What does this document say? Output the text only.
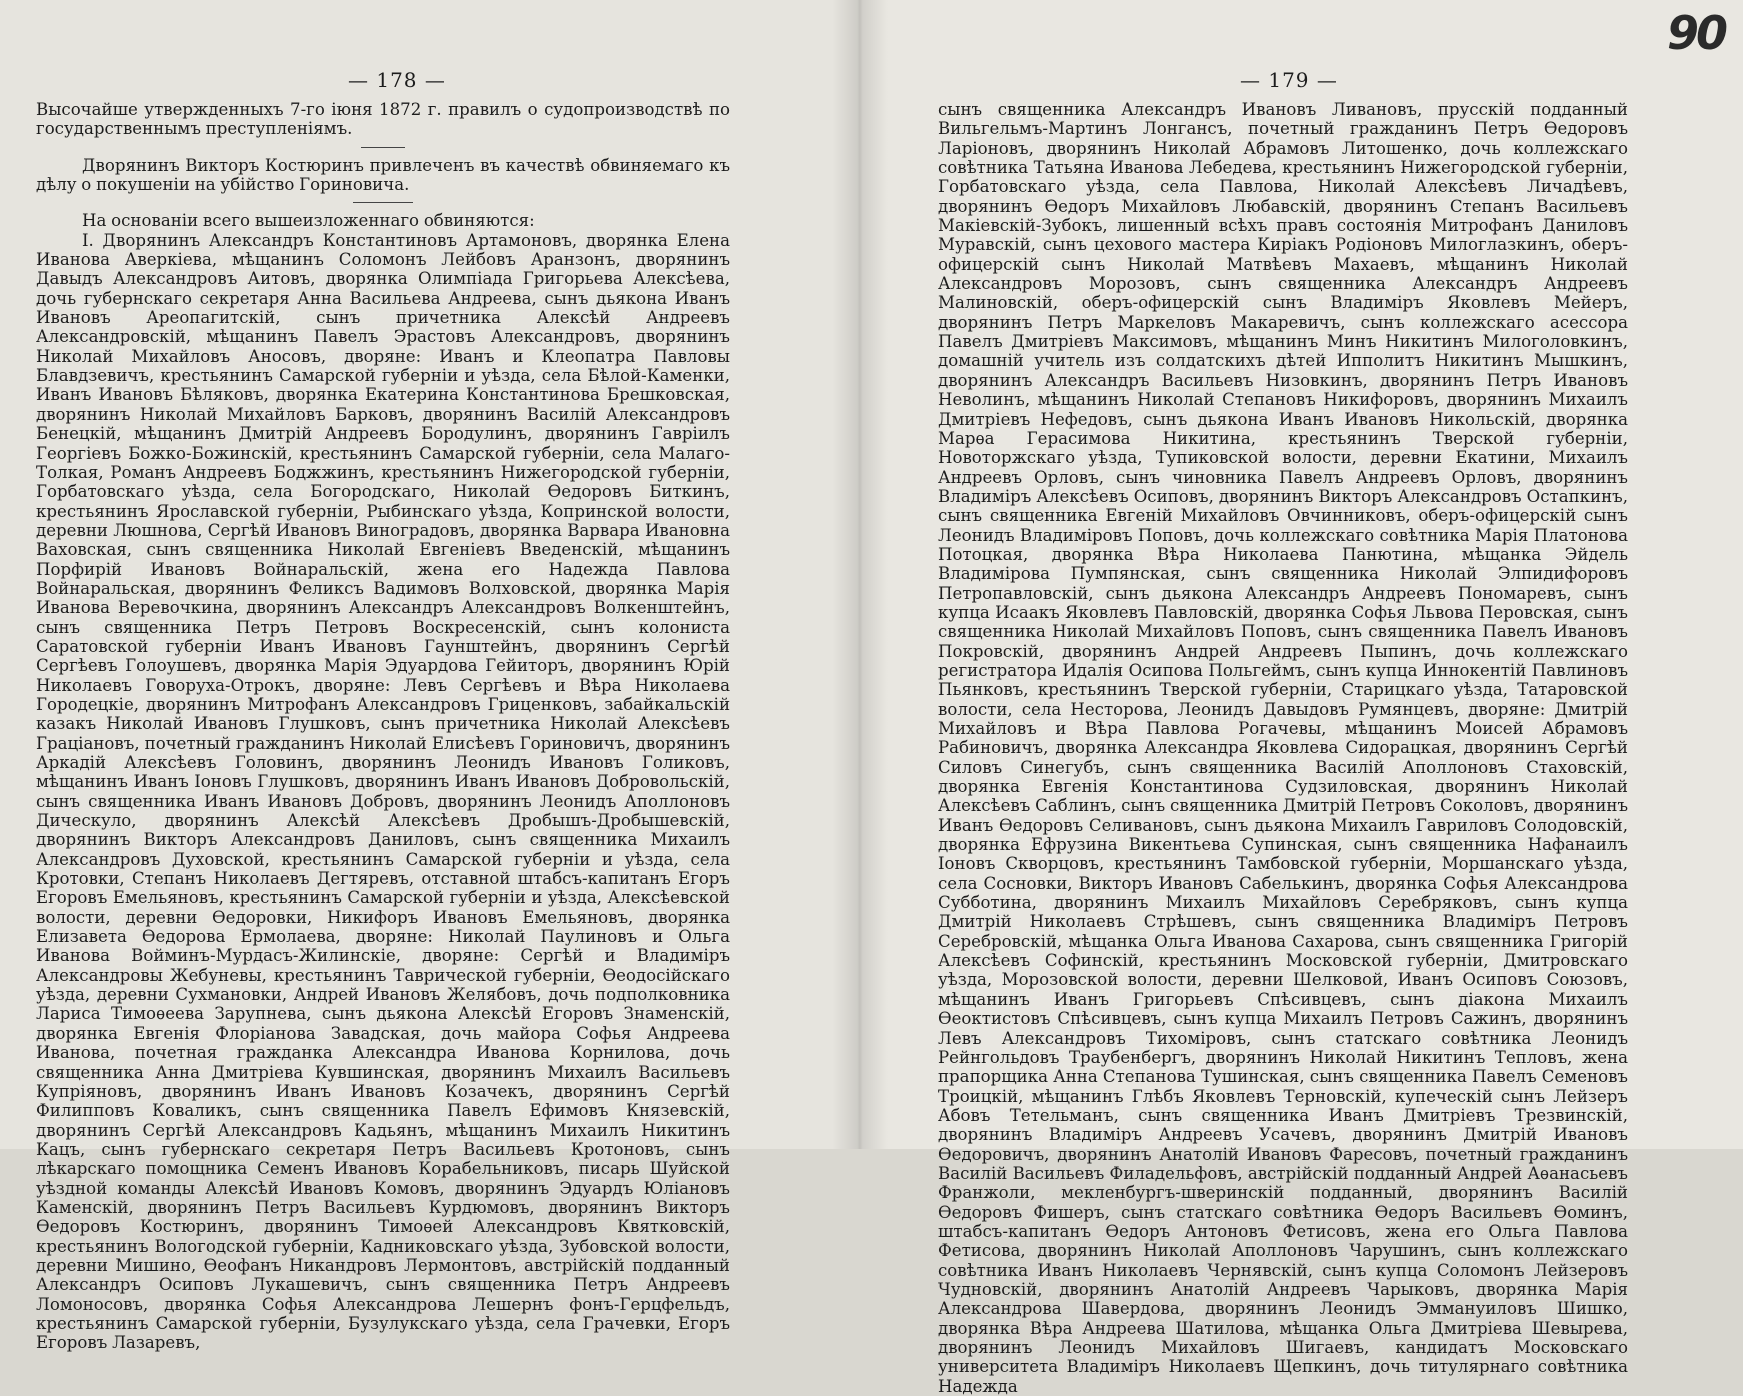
— 178 —

Высочайше утвержденныхъ 7-го іюня 1872 г. правилъ о судопроизводствѣ по государственнымъ преступленіямъ.

Дворянинъ Викторъ Костюринъ привлеченъ въ качествѣ обвиняемаго къ дѣлу о покушеніи на убійство Гориновича.

На основаніи всего вышеизложеннаго обвиняются:

I. Дворянинъ Александръ Константиновъ Артамоновъ, дворянка Елена Иванова Аверкіева, мѣщанинъ Соломонъ Лейбовъ Аранзонъ, дворянинъ Давыдъ Александровъ Аитовъ, дворянка Олимпіада Григорьева Алексѣева, дочь губернскаго секретаря Анна Васильева Андреева, сынъ дьякона Иванъ Ивановъ Ареопагитскій, сынъ причетника Алексѣй Андреевъ Александровскій, мѣщанинъ Павелъ Эрастовъ Александровъ, дворянинъ Николай Михайловъ Аносовъ, дворяне: Иванъ и Клеопатра Павловы Блавдзевичъ, крестьянинъ Самарской губерніи и уѣзда, села Бѣлой-Каменки, Иванъ Ивановъ Бѣляковъ, дворянка Екатерина Константинова Брешковская, дворянинъ Николай Михайловъ Барковъ, дворянинъ Василій Александровъ Бенецкій, мѣщанинъ Дмитрій Андреевъ Бородулинъ, дворянинъ Гавріилъ Георгіевъ Божко-Божинскій, крестьянинъ Самарской губерніи, села Малаго-Толкая, Романъ Андреевъ Боджжинъ, крестьянинъ Нижегородской губерніи, Горбатовскаго уѣзда, села Богородскаго, Николай Ѳедоровъ Биткинъ, крестьянинъ Ярославской губерніи, Рыбинскаго уѣзда, Копринской волости, деревни Люшнова, Сергѣй Ивановъ Виноградовъ, дворянка Варвара Ивановна Ваховская, сынъ священника Николай Евгеніевъ Введенскій, мѣщанинъ Порфирій Ивановъ Войнаральскій, жена его Надежда Павлова Войнаральская, дворянинъ Феликсъ Вадимовъ Волховской, дворянка Марія Иванова Веревочкина, дворянинъ Александръ Александровъ Волкенштейнъ, сынъ священника Петръ Петровъ Воскресенскій, сынъ колониста Саратовской губерніи Иванъ Ивановъ Гаунштейнъ, дворянинъ Сергѣй Сергѣевъ Голоушевъ, дворянка Марія Эдуардова Гейиторъ, дворянинъ Юрій Николаевъ Говоруха-Отрокъ, дворяне: Левъ Сергѣевъ и Вѣра Николаева Городецкіе, дворянинъ Митрофанъ Александровъ Гриценковъ, забайкальскій казакъ Николай Ивановъ Глушковъ, сынъ причетника Николай Алексѣевъ Граціановъ, почетный гражданинъ Николай Елисѣевъ Гориновичъ, дворянинъ Аркадій Алексѣевъ Головинъ, дворянинъ Леонидъ Ивановъ Голиковъ, мѣщанинъ Иванъ Іоновъ Глушковъ, дворянинъ Иванъ Ивановъ Добровольскій, сынъ священника Иванъ Ивановъ Добровъ, дворянинъ Леонидъ Аполлоновъ Дическуло, дворянинъ Алексѣй Алексѣевъ Дробышъ-Дробышевскій, дворянинъ Викторъ Александровъ Даниловъ, сынъ священника Михаилъ Александровъ Духовской, крестьянинъ Самарской губерніи и уѣзда, села Кротовки, Степанъ Николаевъ Дегтяревъ, отставной штабсъ-капитанъ Егоръ Егоровъ Емельяновъ, крестьянинъ Самарской губерніи и уѣзда, Алексѣевской волости, деревни Ѳедоровки, Никифоръ Ивановъ Емельяновъ, дворянка Елизавета Ѳедорова Ермолаева, дворяне: Николай Паулиновъ и Ольга Иванова Войминъ-Мурдасъ-Жилинскіе, дворяне: Сергѣй и Владиміръ Александровы Жебуневы, крестьянинъ Таврической губерніи, Ѳеодосійскаго уѣзда, деревни Сухмановки, Андрей Ивановъ Желябовъ, дочь подполковника Лариса Тимоѳеева Зарупнева, сынъ дьякона Алексѣй Егоровъ Знаменскій, дворянка Евгенія Флоріанова Завадская, дочь майора Софья Андреева Иванова, почетная гражданка Александра Иванова Корнилова, дочь священника Анна Дмитріева Кувшинская, дворянинъ Михаилъ Васильевъ Купріяновъ, дворянинъ Иванъ Ивановъ Козачекъ, дворянинъ Сергѣй Филипповъ Коваликъ, сынъ священника Павелъ Ефимовъ Князевскій, дворянинъ Сергѣй Александровъ Кадьянъ, мѣщанинъ Михаилъ Никитинъ Кацъ, сынъ губернскаго секретаря Петръ Васильевъ Кротоновъ, сынъ лѣкарскаго помощника Семенъ Ивановъ Корабельниковъ, писарь Шуйской уѣздной команды Алексѣй Ивановъ Комовъ, дворянинъ Эдуардъ Юліановъ Каменскій, дворянинъ Петръ Васильевъ Курдюмовъ, дворянинъ Викторъ Ѳедоровъ Костюринъ, дворянинъ Тимоѳей Александровъ Квятковскій, крестьянинъ Вологодской губерніи, Кадниковскаго уѣзда, Зубовской волости, деревни Мишино, Ѳеофанъ Никандровъ Лермонтовъ, австрійскій подданный Александръ Осиповъ Лукашевичъ, сынъ священника Петръ Андреевъ Ломоносовъ, дворянка Софья Александрова Лешернъ фонъ-Герцфельдъ, крестьянинъ Самарской губерніи, Бузулукскаго уѣзда, села Грачевки, Егоръ Егоровъ Лазаревъ,

— 179 —
90

сынъ священника Александръ Ивановъ Ливановъ, прусскій подданный Вильгельмъ-Мартинъ Лонгансъ, почетный гражданинъ Петръ Ѳедоровъ Ларіоновъ, дворянинъ Николай Абрамовъ Литошенко, дочь коллежскаго совѣтника Татьяна Иванова Лебедева, крестьянинъ Нижегородской губерніи, Горбатовскаго уѣзда, села Павлова, Николай Алексѣевъ Личадѣевъ, дворянинъ Ѳедоръ Михайловъ Любавскій, дворянинъ Степанъ Васильевъ Макіевскій-Зубокъ, лишенный всѣхъ правъ состоянія Митрофанъ Даниловъ Муравскій, сынъ цехового мастера Киріакъ Родіоновъ Милоглазкинъ, оберъ-офицерскій сынъ Николай Матвѣевъ Махаевъ, мѣщанинъ Николай Александровъ Морозовъ, сынъ священника Александръ Андреевъ Малиновскій, оберъ-офицерскій сынъ Владиміръ Яковлевъ Мейеръ, дворянинъ Петръ Маркеловъ Макаревичъ, сынъ коллежскаго асессора Павелъ Дмитріевъ Максимовъ, мѣщанинъ Минъ Никитинъ Милоголовкинъ, домашній учитель изъ солдатскихъ дѣтей Ипполитъ Никитинъ Мышкинъ, дворянинъ Александръ Васильевъ Низовкинъ, дворянинъ Петръ Ивановъ Неволинъ, мѣщанинъ Николай Степановъ Никифоровъ, дворянинъ Михаилъ Дмитріевъ Нефедовъ, сынъ дьякона Иванъ Ивановъ Никольскій, дворянка Марѳа Герасимова Никитина, крестьянинъ Тверской губерніи, Новоторжскаго уѣзда, Тупиковской волости, деревни Екатини, Михаилъ Андреевъ Орловъ, сынъ чиновника Павелъ Андреевъ Орловъ, дворянинъ Владиміръ Алексѣевъ Осиповъ, дворянинъ Викторъ Александровъ Остапкинъ, сынъ священника Евгеній Михайловъ Овчинниковъ, оберъ-офицерскій сынъ Леонидъ Владиміровъ Поповъ, дочь коллежскаго совѣтника Марія Платонова Потоцкая, дворянка Вѣра Николаева Панютина, мѣщанка Эйдель Владимірова Пумпянская, сынъ священника Николай Элпидифоровъ Петропавловскій, сынъ дьякона Александръ Андреевъ Пономаревъ, сынъ купца Исаакъ Яковлевъ Павловскій, дворянка Софья Львова Перовская, сынъ священника Николай Михайловъ Поповъ, сынъ священника Павелъ Ивановъ Покровскій, дворянинъ Андрей Андреевъ Пыпинъ, дочь коллежскаго регистратора Идалія Осипова Польгеймъ, сынъ купца Иннокентій Павлиновъ Пьянковъ, крестьянинъ Тверской губерніи, Старицкаго уѣзда, Татаровской волости, села Несторова, Леонидъ Давыдовъ Румянцевъ, дворяне: Дмитрій Михайловъ и Вѣра Павлова Рогачевы, мѣщанинъ Моисей Абрамовъ Рабиновичъ, дворянка Александра Яковлева Сидорацкая, дворянинъ Сергѣй Силовъ Синегубъ, сынъ священника Василій Аполлоновъ Стаховскій, дворянка Евгенія Константинова Судзиловская, дворянинъ Николай Алексѣевъ Саблинъ, сынъ священника Дмитрій Петровъ Соколовъ, дворянинъ Иванъ Ѳедоровъ Селивановъ, сынъ дьякона Михаилъ Гавриловъ Солодовскій, дворянка Ефрузина Викентьева Супинская, сынъ священника Нафанаилъ Іоновъ Скворцовъ, крестьянинъ Тамбовской губерніи, Моршанскаго уѣзда, села Сосновки, Викторъ Ивановъ Сабелькинъ, дворянка Софья Александрова Субботина, дворянинъ Михаилъ Михайловъ Серебряковъ, сынъ купца Дмитрій Николаевъ Стрѣшевъ, сынъ священника Владиміръ Петровъ Серебровскій, мѣщанка Ольга Иванова Сахарова, сынъ священника Григорій Алексѣевъ Софинскій, крестьянинъ Московской губерніи, Дмитровскаго уѣзда, Морозовской волости, деревни Шелковой, Иванъ Осиповъ Союзовъ, мѣщанинъ Иванъ Григорьевъ Спѣсивцевъ, сынъ діакона Михаилъ Ѳеоктистовъ Спѣсивцевъ, сынъ купца Михаилъ Петровъ Сажинъ, дворянинъ Левъ Александровъ Тихоміровъ, сынъ статскаго совѣтника Леонидъ Рейнгольдовъ Траубенбергъ, дворянинъ Николай Никитинъ Тепловъ, жена прапорщика Анна Степанова Тушинская, сынъ священника Павелъ Семеновъ Троицкій, мѣщанинъ Глѣбъ Яковлевъ Терновскій, купеческій сынъ Лейзеръ Абовъ Тетельманъ, сынъ священника Иванъ Дмитріевъ Трезвинскій, дворянинъ Владиміръ Андреевъ Усачевъ, дворянинъ Дмитрій Ивановъ Ѳедоровичъ, дворянинъ Анатолій Ивановъ Фаресовъ, почетный гражданинъ Василій Васильевъ Филадельфовъ, австрійскій подданный Андрей Аѳанасьевъ Франжоли, мекленбургъ-шверинскій подданный, дворянинъ Василій Ѳедоровъ Фишеръ, сынъ статскаго совѣтника Ѳедоръ Васильевъ Ѳоминъ, штабсъ-капитанъ Ѳедоръ Антоновъ Фетисовъ, жена его Ольга Павлова Фетисова, дворянинъ Николай Аполлоновъ Чарушинъ, сынъ коллежскаго совѣтника Иванъ Николаевъ Чернявскій, сынъ купца Соломонъ Лейзеровъ Чудновскій, дворянинъ Анатолій Андреевъ Чарыковъ, дворянка Марія Александрова Шавердова, дворянинъ Леонидъ Эммануиловъ Шишко, дворянка Вѣра Андреева Шатилова, мѣщанка Ольга Дмитріева Шевырева, дворянинъ Леонидъ Михайловъ Шигаевъ, кандидатъ Московскаго университета Владиміръ Николаевъ Щепкинъ, дочь титулярнаго совѣтника Надежда
